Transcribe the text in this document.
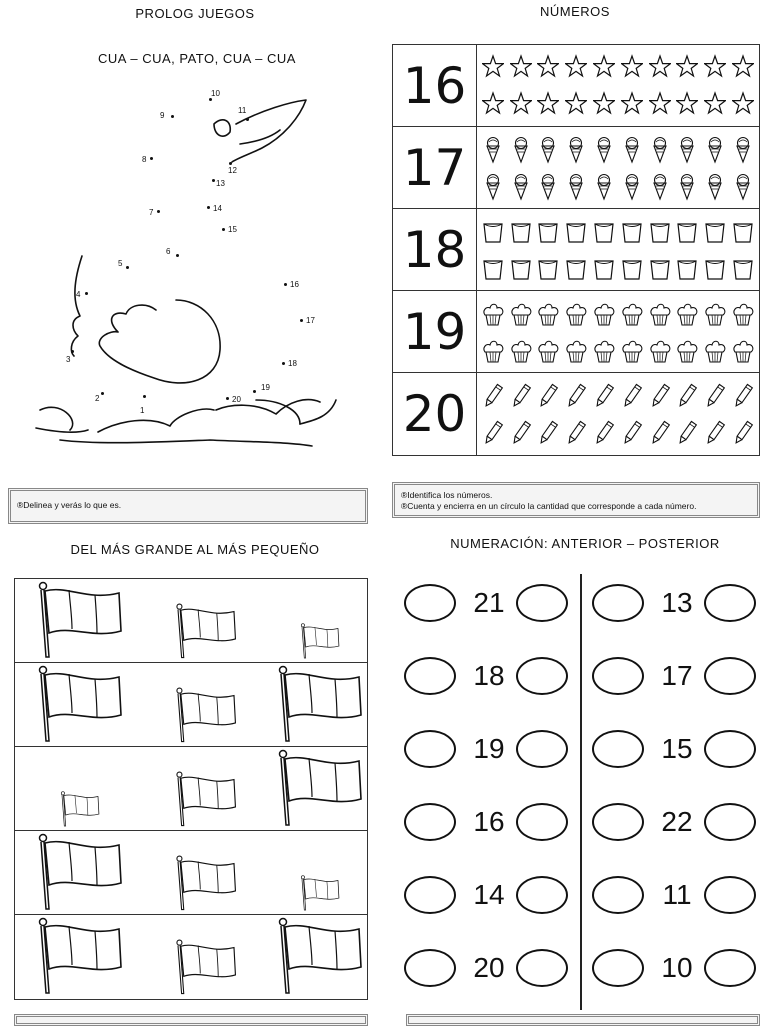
PROLOG JUEGOS
CUA – CUA, PATO, CUA – CUA
1
2
3
4
5
6
7
8
9
10
11
12
13
14
15
16
17
18
19
20
®Delinea y verás lo que es.
NÚMEROS
16
17
18
19
20
®Identifica los números.
®Cuenta y encierra en un círculo la cantidad que corresponde a cada número.
DEL MÁS GRANDE AL MÁS PEQUEÑO	NUMERACIÓN: ANTERIOR – POSTERIOR
21
18
19
16
14
20
13
17
15
22
11
10
